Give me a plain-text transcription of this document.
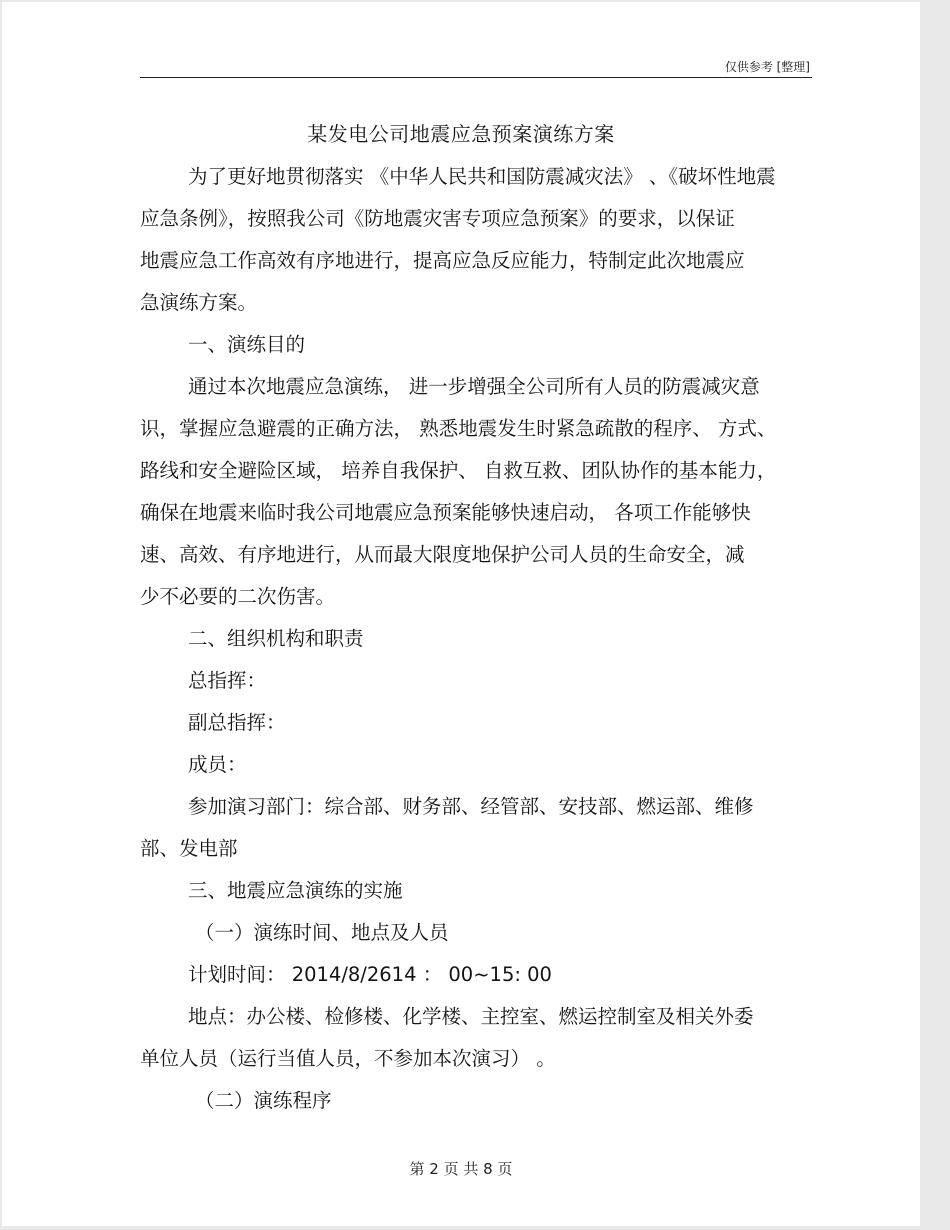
仅供参考 [整理]
某发电公司地震应急预案演练方案
为了更好地贯彻落实 《中华人民共和国防震减灾法》 、《破坏性地震
应急条例》，按照我公司《防地震灾害专项应急预案》的要求，以保证
地震应急工作高效有序地进行，提高应急反应能力，特制定此次地震应
急演练方案。
一、演练目的
通过本次地震应急演练， 进一步增强全公司所有人员的防震减灾意
识，掌握应急避震的正确方法， 熟悉地震发生时紧急疏散的程序、 方式、
路线和安全避险区域， 培养自我保护、 自救互救、团队协作的基本能力，
确保在地震来临时我公司地震应急预案能够快速启动， 各项工作能够快
速、高效、有序地进行，从而最大限度地保护公司人员的生命安全，减
少不必要的二次伤害。
二、组织机构和职责
总指挥：
副总指挥：
成员：
参加演习部门：综合部、财务部、经管部、安技部、燃运部、维修
部、发电部
三、地震应急演练的实施
（一）演练时间、地点及人员
计划时间： 2014/8/2614 ： 00~15: 00
地点：办公楼、检修楼、化学楼、主控室、燃运控制室及相关外委
单位人员（运行当值人员，不参加本次演习） 。
（二）演练程序
第 2 页 共 8 页
